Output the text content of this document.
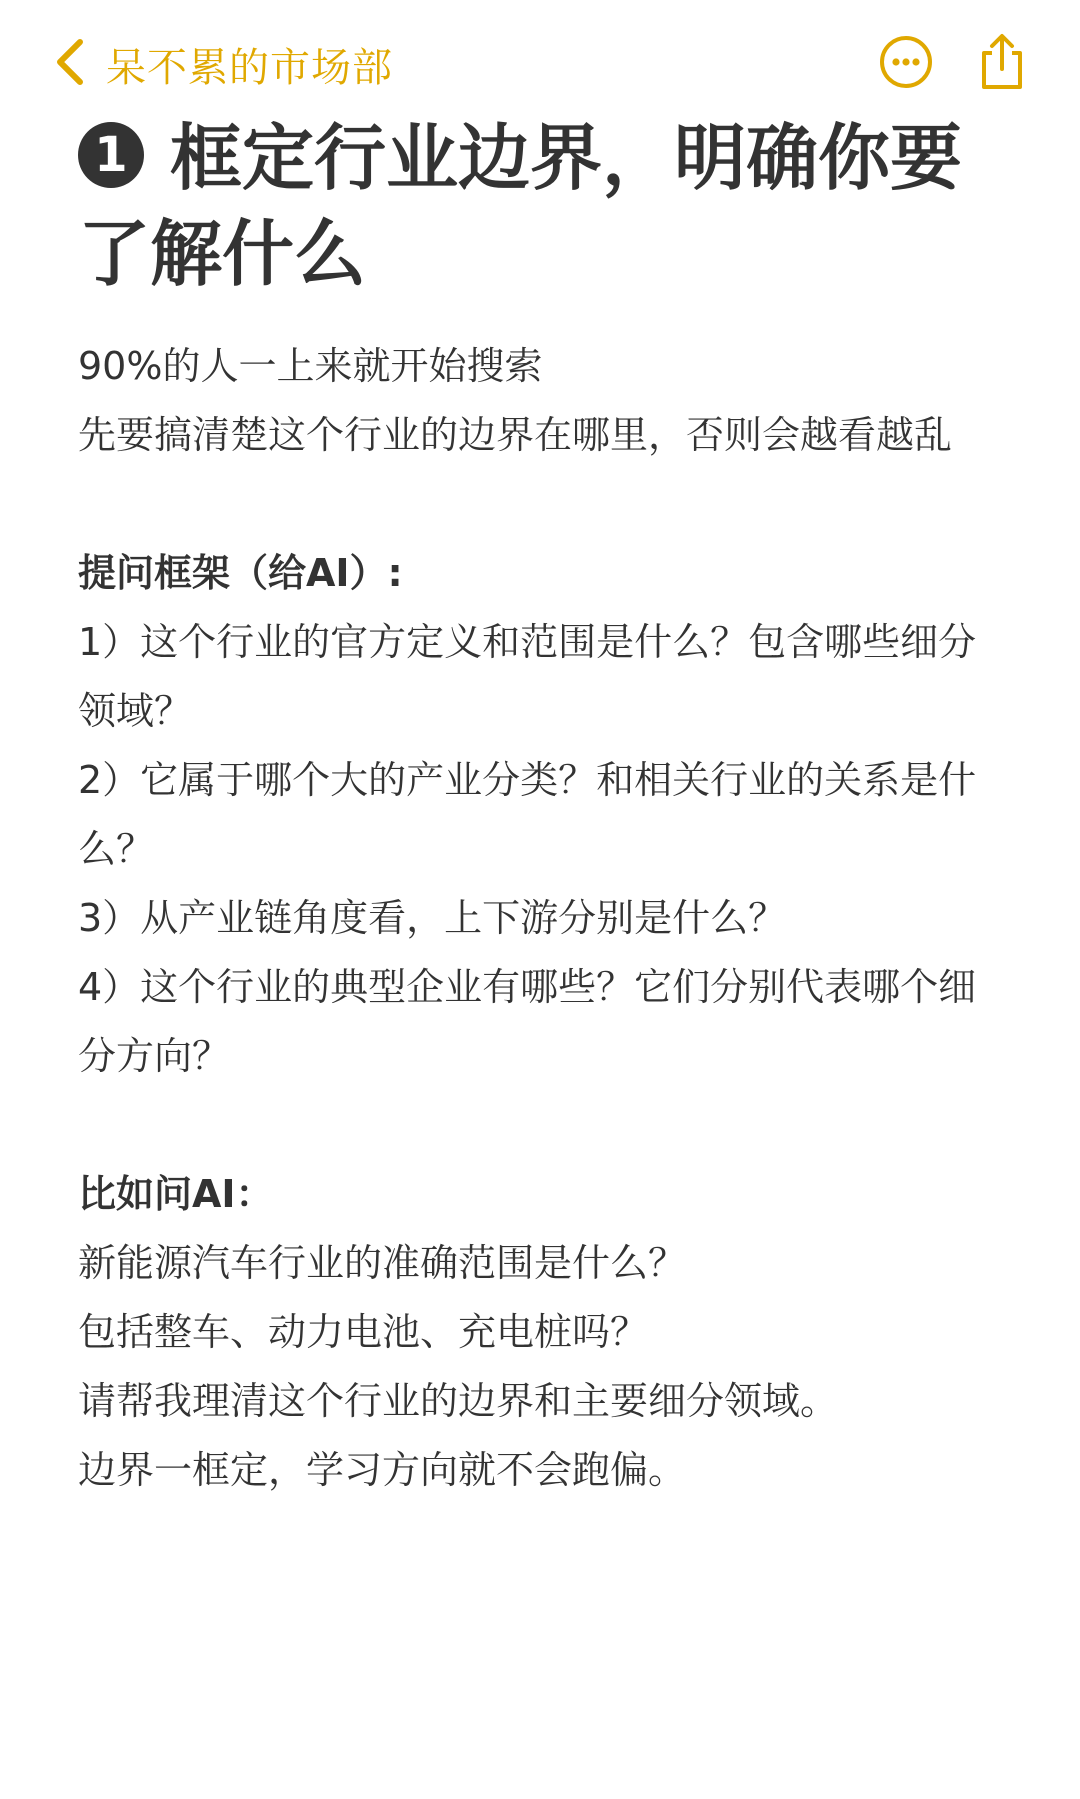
呆不累的市场部
1 框定行业边界，明确你要了解什么

90%的人一上来就开始搜索

先要搞清楚这个行业的边界在哪里，否则会越看越乱

提问框架（给AI）:

1）这个行业的官方定义和范围是什么？包含哪些细分领域？

2）它属于哪个大的产业分类？和相关行业的关系是什么？

3）从产业链角度看，上下游分别是什么？

4）这个行业的典型企业有哪些？它们分别代表哪个细分方向？

比如问AI：

新能源汽车行业的准确范围是什么？

包括整车、动力电池、充电桩吗？

请帮我理清这个行业的边界和主要细分领域。

边界一框定，学习方向就不会跑偏。
